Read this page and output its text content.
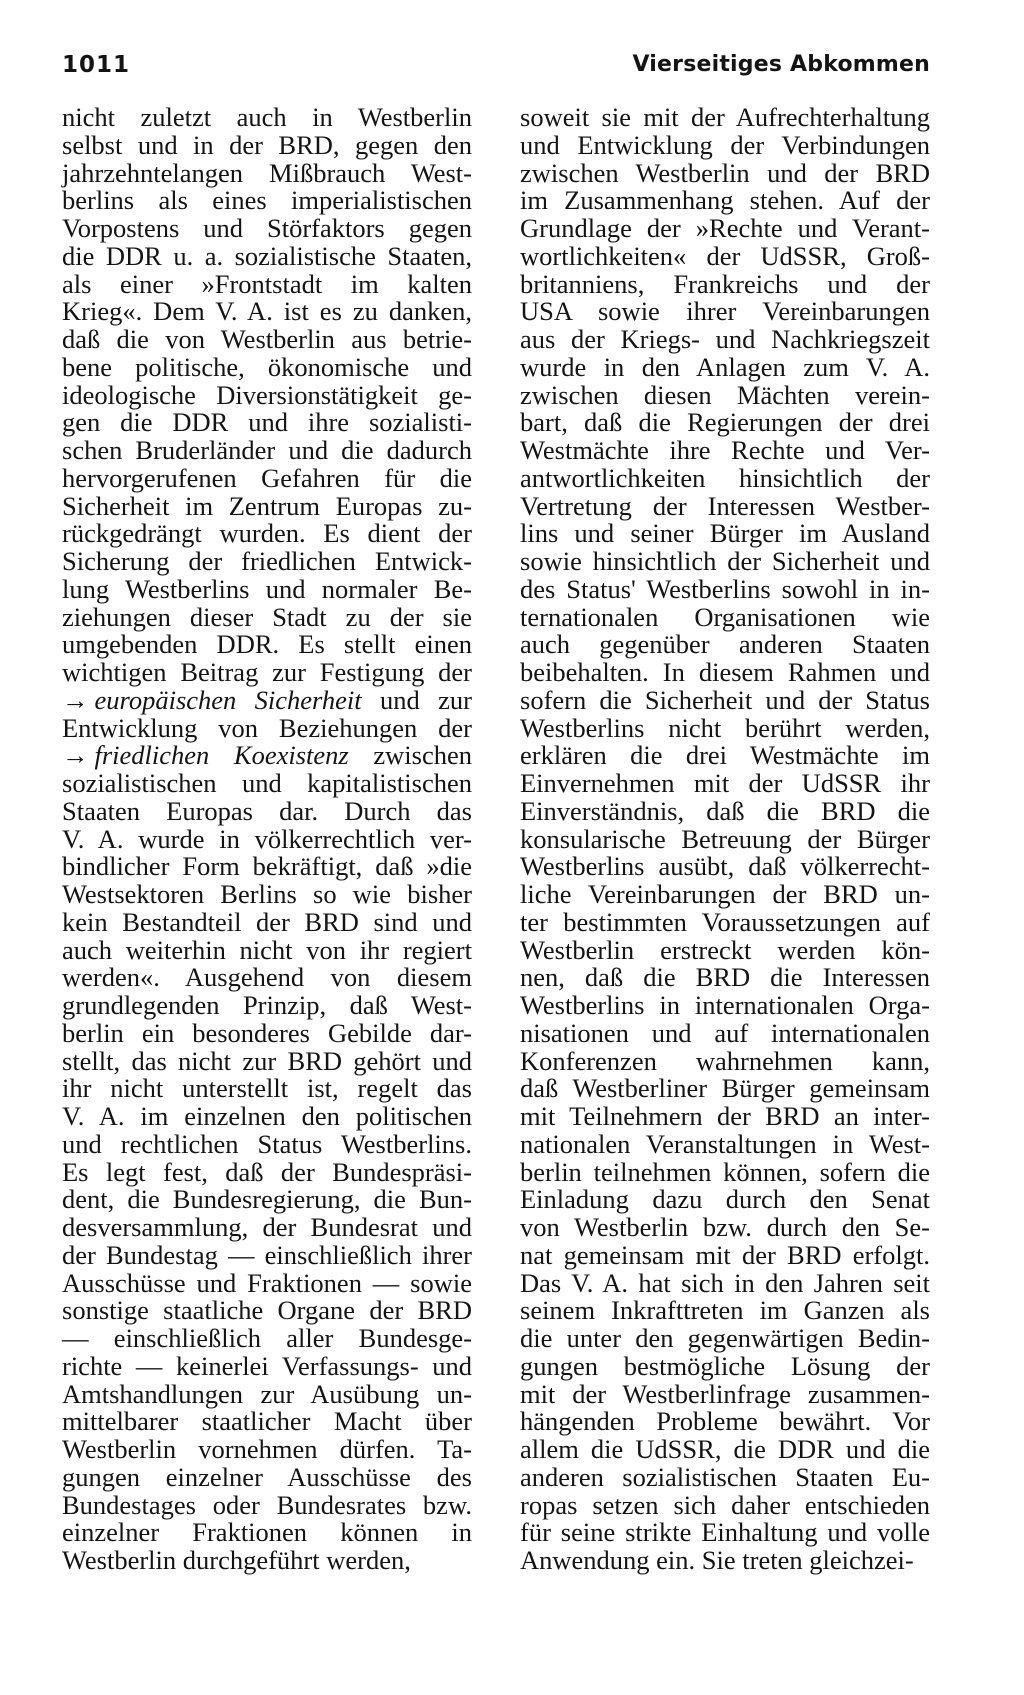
1011	Vierseitiges Abkommen
nicht zuletzt auch in Westberlin
selbst und in der BRD, gegen den
jahrzehntelangen Mißbrauch West-
berlins als eines imperialistischen
Vorpostens und Störfaktors gegen
die DDR u. a. sozialistische Staaten,
als einer »Frontstadt im kalten
Krieg«. Dem V. A. ist es zu danken,
daß die von Westberlin aus betrie-
bene politische, ökonomische und
ideologische Diversionstätigkeit ge-
gen die DDR und ihre sozialisti-
schen Bruderländer und die dadurch
hervorgerufenen Gefahren für die
Sicherheit im Zentrum Europas zu-
rückgedrängt wurden. Es dient der
Sicherung der friedlichen Entwick-
lung Westberlins und normaler Be-
ziehungen dieser Stadt zu der sie
umgebenden DDR. Es stellt einen
wichtigen Beitrag zur Festigung der
→ europäischen Sicherheit und zur
Entwicklung von Beziehungen der
→ friedlichen Koexistenz zwischen
sozialistischen und kapitalistischen
Staaten Europas dar. Durch das
V. A. wurde in völkerrechtlich ver-
bindlicher Form bekräftigt, daß »die
Westsektoren Berlins so wie bisher
kein Bestandteil der BRD sind und
auch weiterhin nicht von ihr regiert
werden«. Ausgehend von diesem
grundlegenden Prinzip, daß West-
berlin ein besonderes Gebilde dar-
stellt, das nicht zur BRD gehört und
ihr nicht unterstellt ist, regelt das
V. A. im einzelnen den politischen
und rechtlichen Status Westberlins.
Es legt fest, daß der Bundespräsi-
dent, die Bundesregierung, die Bun-
desversammlung, der Bundesrat und
der Bundestag — einschließlich ihrer
Ausschüsse und Fraktionen — sowie
sonstige staatliche Organe der BRD
— einschließlich aller Bundesge-
richte — keinerlei Verfassungs- und
Amtshandlungen zur Ausübung un-
mittelbarer staatlicher Macht über
Westberlin vornehmen dürfen. Ta-
gungen einzelner Ausschüsse des
Bundestages oder Bundesrates bzw.
einzelner Fraktionen können in
Westberlin durchgeführt werden,
soweit sie mit der Aufrechterhaltung
und Entwicklung der Verbindungen
zwischen Westberlin und der BRD
im Zusammenhang stehen. Auf der
Grundlage der »Rechte und Verant-
wortlichkeiten« der UdSSR, Groß-
britanniens, Frankreichs und der
USA sowie ihrer Vereinbarungen
aus der Kriegs- und Nachkriegszeit
wurde in den Anlagen zum V. A.
zwischen diesen Mächten verein-
bart, daß die Regierungen der drei
Westmächte ihre Rechte und Ver-
antwortlichkeiten hinsichtlich der
Vertretung der Interessen Westber-
lins und seiner Bürger im Ausland
sowie hinsichtlich der Sicherheit und
des Status' Westberlins sowohl in in-
ternationalen Organisationen wie
auch gegenüber anderen Staaten
beibehalten. In diesem Rahmen und
sofern die Sicherheit und der Status
Westberlins nicht berührt werden,
erklären die drei Westmächte im
Einvernehmen mit der UdSSR ihr
Einverständnis, daß die BRD die
konsularische Betreuung der Bürger
Westberlins ausübt, daß völkerrecht-
liche Vereinbarungen der BRD un-
ter bestimmten Voraussetzungen auf
Westberlin erstreckt werden kön-
nen, daß die BRD die Interessen
Westberlins in internationalen Orga-
nisationen und auf internationalen
Konferenzen wahrnehmen kann,
daß Westberliner Bürger gemeinsam
mit Teilnehmern der BRD an inter-
nationalen Veranstaltungen in West-
berlin teilnehmen können, sofern die
Einladung dazu durch den Senat
von Westberlin bzw. durch den Se-
nat gemeinsam mit der BRD erfolgt.
Das V. A. hat sich in den Jahren seit
seinem Inkrafttreten im Ganzen als
die unter den gegenwärtigen Bedin-
gungen bestmögliche Lösung der
mit der Westberlinfrage zusammen-
hängenden Probleme bewährt. Vor
allem die UdSSR, die DDR und die
anderen sozialistischen Staaten Eu-
ropas setzen sich daher entschieden
für seine strikte Einhaltung und volle
Anwendung ein. Sie treten gleichzei-
